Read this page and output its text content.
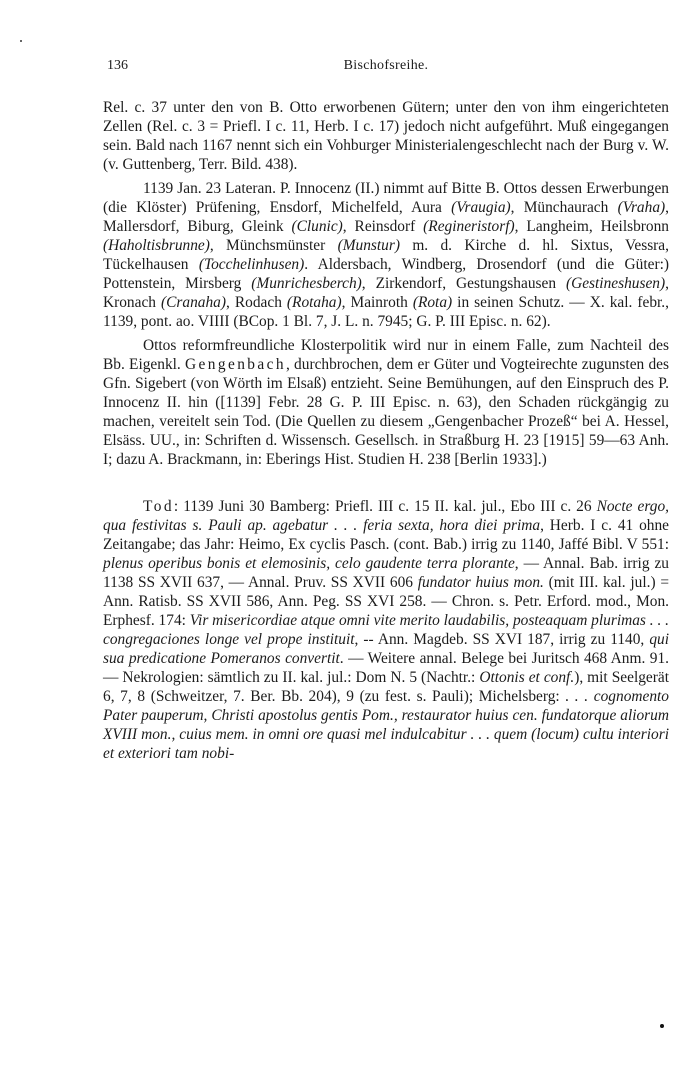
136	Bischofsreihe.

Rel. c. 37 unter den von B. Otto erworbenen Gütern; unter den von ihm eingerichteten Zellen (Rel. c. 3 = Priefl. I c. 11, Herb. I c. 17) jedoch nicht aufgeführt. Muß eingegangen sein. Bald nach 1167 nennt sich ein Vohburger Ministerialengeschlecht nach der Burg v. W. (v. Guttenberg, Terr. Bild. 438).

1139 Jan. 23 Lateran. P. Innocenz (II.) nimmt auf Bitte B. Ottos dessen Erwerbungen (die Klöster) Prüfening, Ensdorf, Michelfeld, Aura (Vraugia), Münchaurach (Vraha), Mallersdorf, Biburg, Gleink (Clunic), Reinsdorf (Regineristorf), Langheim, Heilsbronn (Haholtisbrunne), Münchsmünster (Munstur) m. d. Kirche d. hl. Sixtus, Vessra, Tückelhausen (Tocchelinhusen). Aldersbach, Windberg, Drosendorf (und die Güter:) Pottenstein, Mirsberg (Munrichesberch), Zirkendorf, Gestungshausen (Gestineshusen), Kronach (Cranaha), Rodach (Rotaha), Mainroth (Rota) in seinen Schutz. — X. kal. febr., 1139, pont. ao. VIIII (BCop. 1 Bl. 7, J. L. n. 7945; G. P. III Episc. n. 62).

Ottos reformfreundliche Klosterpolitik wird nur in einem Falle, zum Nachteil des Bb. Eigenkl. Gengenbach, durchbrochen, dem er Güter und Vogteirechte zugunsten des Gfn. Sigebert (von Wörth im Elsaß) entzieht. Seine Bemühungen, auf den Einspruch des P. Innocenz II. hin ([1139] Febr. 28 G. P. III Episc. n. 63), den Schaden rückgängig zu machen, vereitelt sein Tod. (Die Quellen zu diesem „Gengenbacher Prozeß“ bei A. Hessel, Elsäss. UU., in: Schriften d. Wissensch. Gesellsch. in Straßburg H. 23 [1915] 59—63 Anh. I; dazu A. Brackmann, in: Eberings Hist. Studien H. 238 [Berlin 1933].)

Tod: 1139 Juni 30 Bamberg: Priefl. III c. 15 II. kal. jul., Ebo III c. 26 Nocte ergo, qua festivitas s. Pauli ap. agebatur . . . feria sexta, hora diei prima, Herb. I c. 41 ohne Zeitangabe; das Jahr: Heimo, Ex cyclis Pasch. (cont. Bab.) irrig zu 1140, Jaffé Bibl. V 551: plenus operibus bonis et elemosinis, celo gaudente terra plorante, — Annal. Bab. irrig zu 1138 SS XVII 637, — Annal. Pruv. SS XVII 606 fundator huius mon. (mit III. kal. jul.) = Ann. Ratisb. SS XVII 586, Ann. Peg. SS XVI 258. — Chron. s. Petr. Erford. mod., Mon. Erphesf. 174: Vir misericordiae atque omni vite merito laudabilis, posteaquam plurimas . . . congregaciones longe vel prope instituit, -- Ann. Magdeb. SS XVI 187, irrig zu 1140, qui sua predicatione Pomeranos convertit. — Weitere annal. Belege bei Juritsch 468 Anm. 91. — Nekrologien: sämtlich zu II. kal. jul.: Dom N. 5 (Nachtr.: Ottonis et conf.), mit Seelgerät 6, 7, 8 (Schweitzer, 7. Ber. Bb. 204), 9 (zu fest. s. Pauli); Michelsberg: . . . cognomento Pater pauperum, Christi apostolus gentis Pom., restaurator huius cen. fundatorque aliorum XVIII mon., cuius mem. in omni ore quasi mel indulcabitur . . . quem (locum) cultu interiori et exteriori tam nobi-
